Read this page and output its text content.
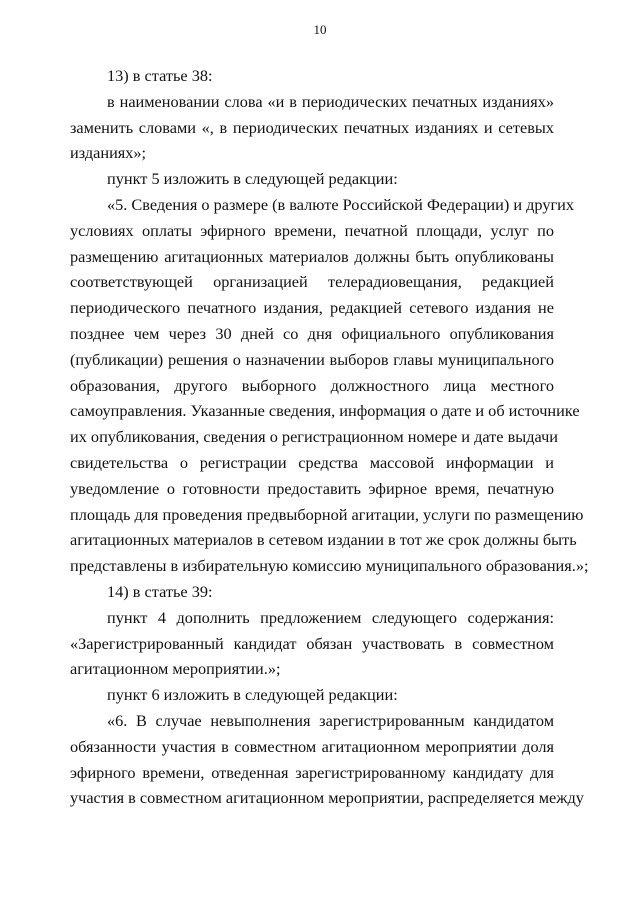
10
13) в статье 38:
в наименовании слова «и в периодических печатных изданиях»
заменить словами «, в периодических печатных изданиях и сетевых
изданиях»;
пункт 5 изложить в следующей редакции:
«5. Сведения о размере (в валюте Российской Федерации) и других
условиях оплаты эфирного времени, печатной площади, услуг по
размещению агитационных материалов должны быть опубликованы
соответствующей организацией телерадиовещания, редакцией
периодического печатного издания, редакцией сетевого издания не
позднее чем через 30 дней со дня официального опубликования
(публикации) решения о назначении выборов главы муниципального
образования, другого выборного должностного лица местного
самоуправления. Указанные сведения, информация о дате и об источнике
их опубликования, сведения о регистрационном номере и дате выдачи
свидетельства о регистрации средства массовой информации и
уведомление о готовности предоставить эфирное время, печатную
площадь для проведения предвыборной агитации, услуги по размещению
агитационных материалов в сетевом издании в тот же срок должны быть
представлены в избирательную комиссию муниципального образования.»;
14) в статье 39:
пункт 4 дополнить предложением следующего содержания:
«Зарегистрированный кандидат обязан участвовать в совместном
агитационном мероприятии.»;
пункт 6 изложить в следующей редакции:
«6. В случае невыполнения зарегистрированным кандидатом
обязанности участия в совместном агитационном мероприятии доля
эфирного времени, отведенная зарегистрированному кандидату для
участия в совместном агитационном мероприятии, распределяется между
